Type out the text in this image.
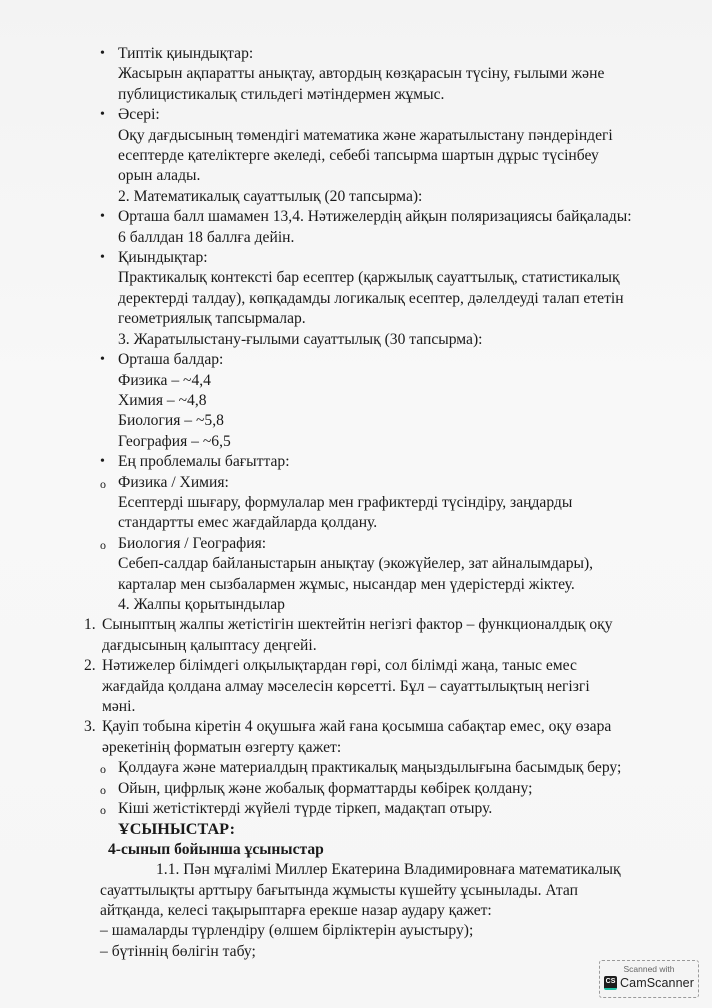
• Типтік қиындықтар:
Жасырын ақпаратты анықтау, автордың көзқарасын түсіну, ғылыми және
публицистикалық стильдегі мәтіндермен жұмыс.
• Әсері:
Оқу дағдысының төмендігі математика және жаратылыстану пәндеріндегі
есептерде қателіктерге әкеледі, себебі тапсырма шартын дұрыс түсінбеу
орын алады.
2. Математикалық сауаттылық (20 тапсырма):
• Орташа балл шамамен 13,4. Нәтижелердің айқын поляризациясы байқалады:
6 баллдан 18 баллға дейін.
• Қиындықтар:
Практикалық контексті бар есептер (қаржылық сауаттылық, статистикалық
деректерді талдау), көпқадамды логикалық есептер, дәлелдеуді талап ететін
геометриялық тапсырмалар.
3. Жаратылыстану-ғылыми сауаттылық (30 тапсырма):
• Орташа балдар:
Физика – ~4,4
Химия – ~4,8
Биология – ~5,8
География – ~6,5
• Ең проблемалы бағыттар:
o Физика / Химия:
Есептерді шығару, формулалар мен графиктерді түсіндіру, заңдарды
стандартты емес жағдайларда қолдану.
o Биология / География:
Себеп-салдар байланыстарын анықтау (экожүйелер, зат айналымдары),
карталар мен сызбалармен жұмыс, нысандар мен үдерістерді жіктеу.
4. Жалпы қорытындылар
1. Сыныптың жалпы жетістігін шектейтін негізгі фактор – функционалдық оқу
дағдысының қалыптасу деңгейі.
2. Нәтижелер білімдегі олқылықтардан гөрі, сол білімді жаңа, таныс емес
жағдайда қолдана алмау мәселесін көрсетті. Бұл – сауаттылықтың негізгі
мәні.
3. Қауіп тобына кіретін 4 оқушыға жай ғана қосымша сабақтар емес, оқу өзара
әрекетінің форматын өзгерту қажет:
o Қолдауға және материалдың практикалық маңыздылығына басымдық беру;
o Ойын, цифрлық және жобалық форматтарды көбірек қолдану;
o Кіші жетістіктерді жүйелі түрде тіркеп, мадақтап отыру.
ҰСЫНЫСТАР:
4-сынып бойынша ұсыныстар
1.1. Пән мұғалімі Миллер Екатерина Владимировнаға математикалық
сауаттылықты арттыру бағытында жұмысты күшейту ұсынылады. Атап
айтқанда, келесі тақырыптарға ерекше назар аудару қажет:
– шамаларды түрлендіру (өлшем бірліктерін ауыстыру);
– бүтіннің бөлігін табу;
Scanned with
CS CamScanner
